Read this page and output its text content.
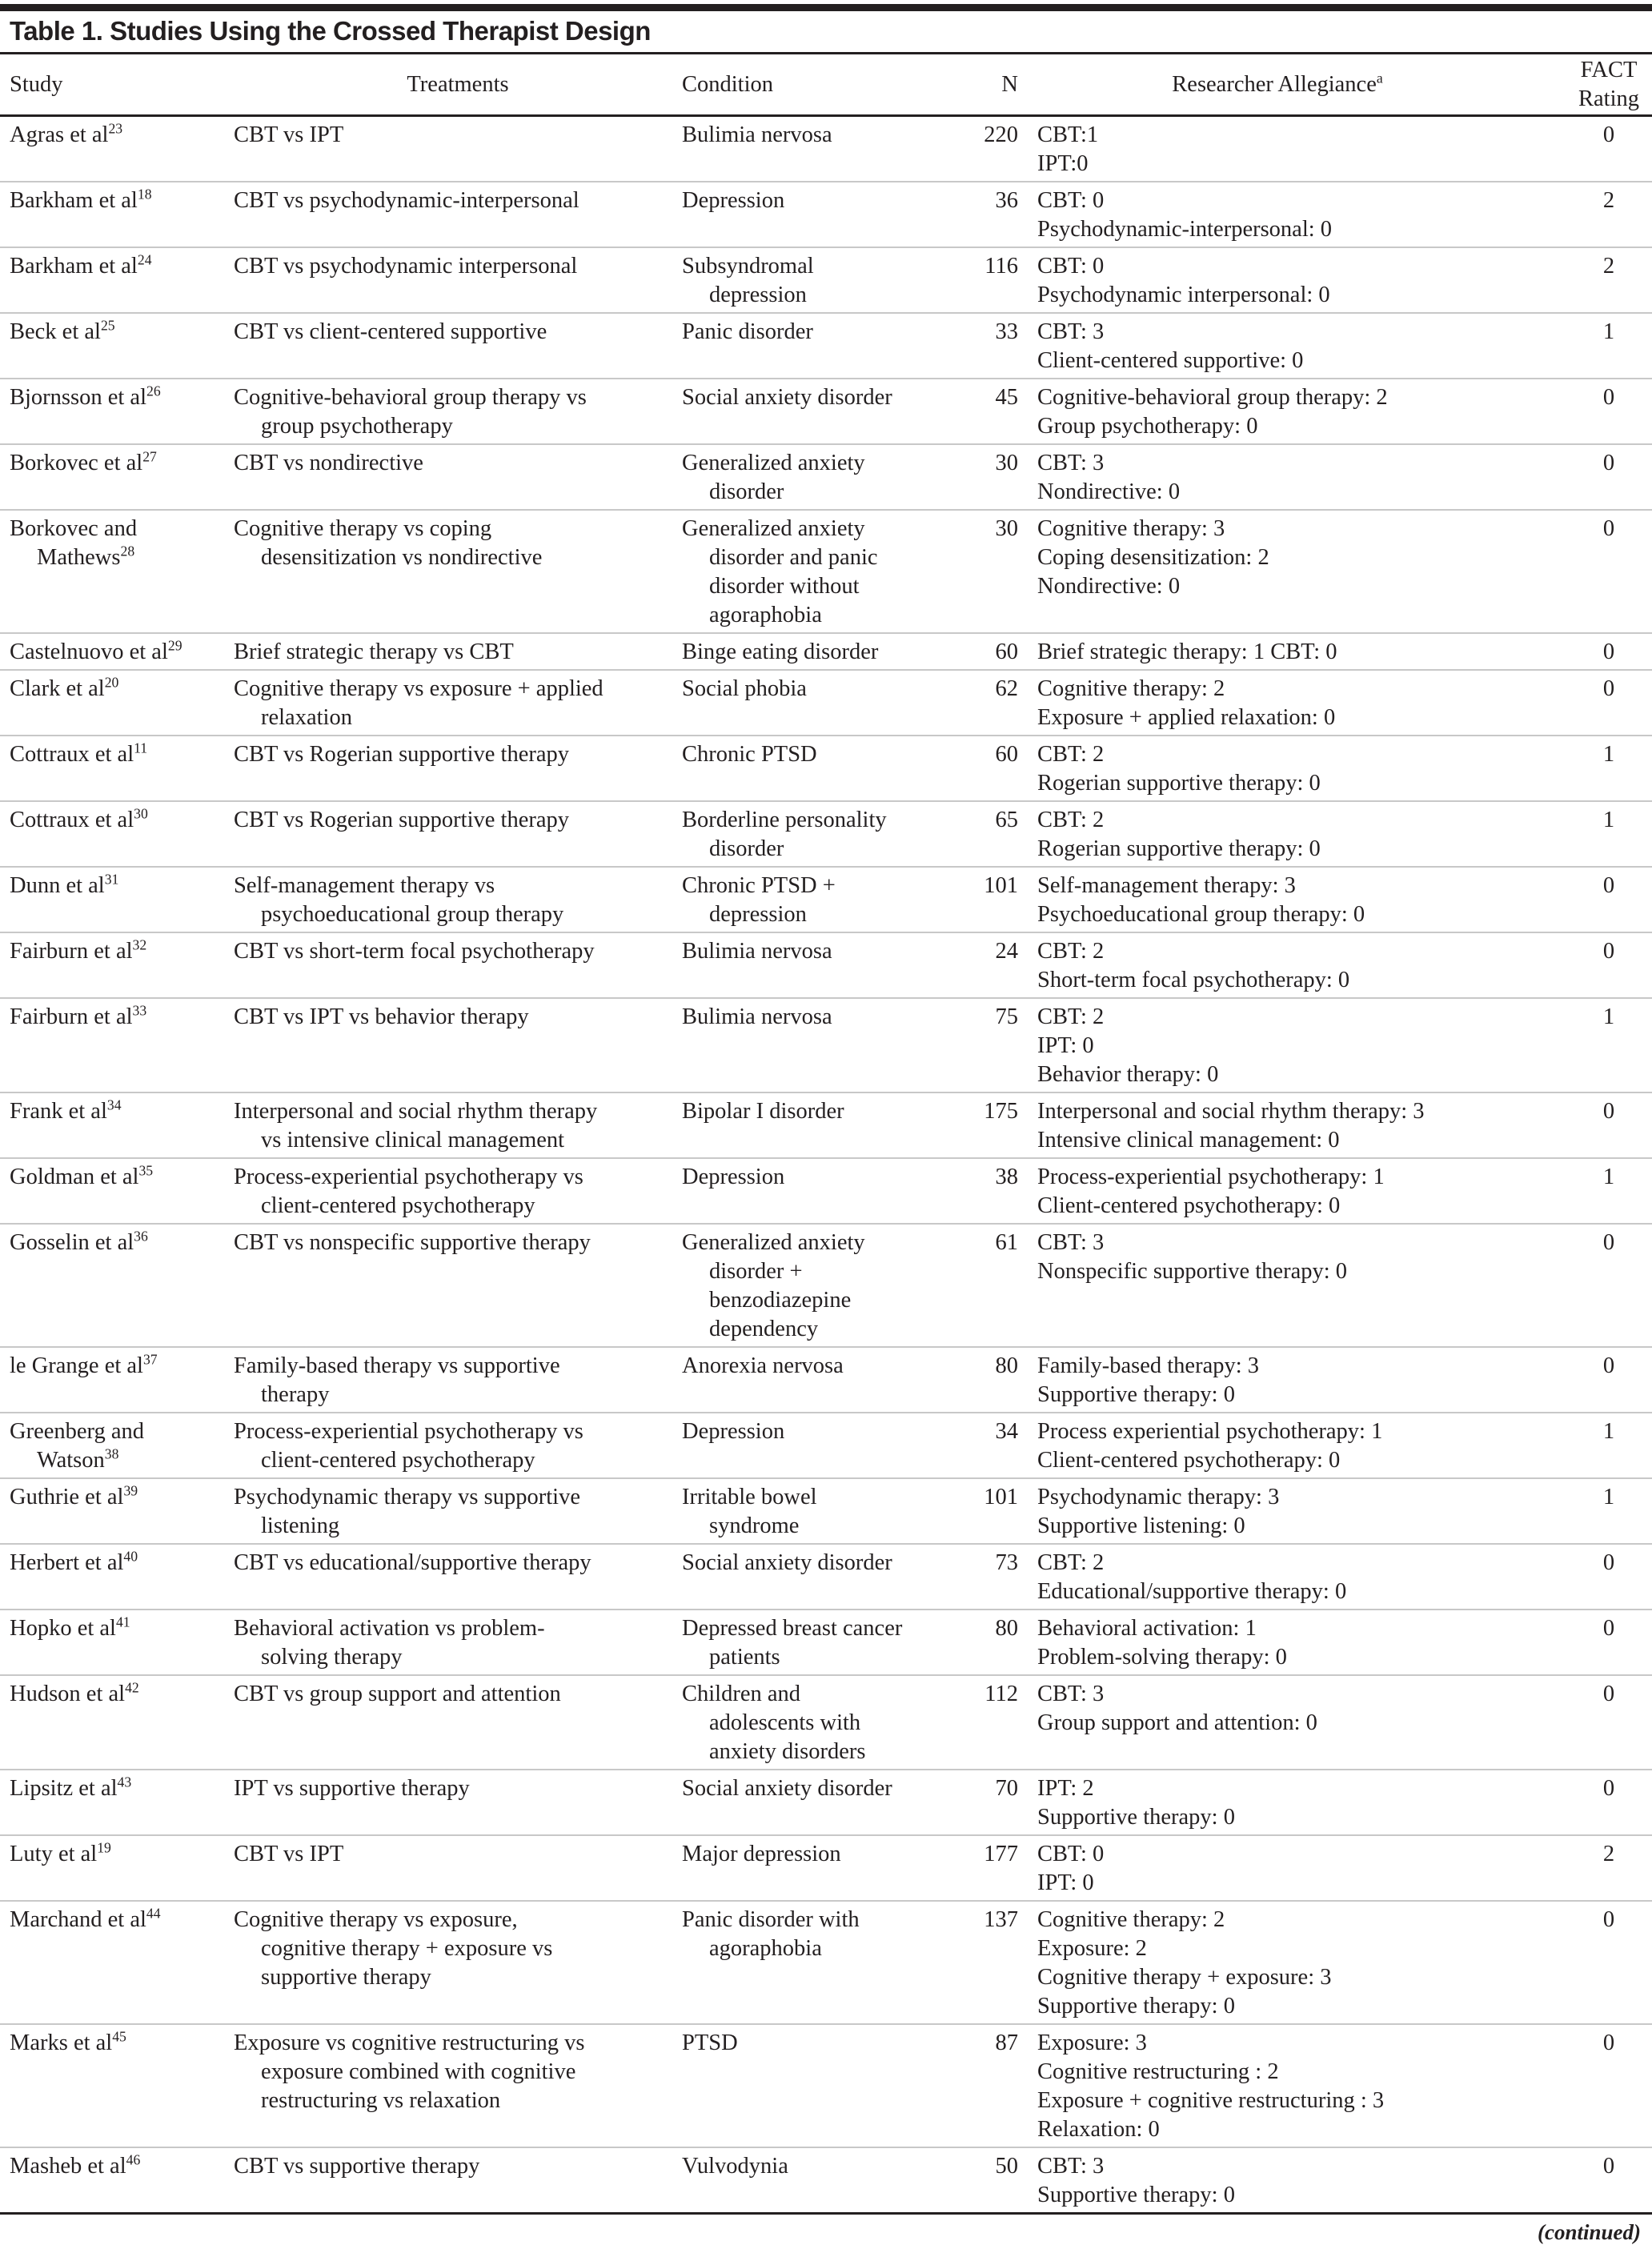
Table 1. Studies Using the Crossed Therapist Design
Study	Treatments	Condition	N	Researcher Allegiance$^a$	FACT Rating

Agras et $al^{23}$	CBT vs IPT	Bulimia nervosa	220	CBT:1
IPT:0	0

Barkham et $al^{18}$	CBT vs psychodynamic-interpersonal	Depression	36	CBT: 0
Psychodynamic-interpersonal: 0	2

Barkham et $al^{24}$	CBT vs psychodynamic interpersonal	Subsyndromal
depression	116	CBT: 0
Psychodynamic interpersonal: 0	2

Beck et $al^{25}$	CBT vs client-centered supportive	Panic disorder	33	CBT: 3
Client-centered supportive: 0	1

Bjornsson et $al^{26}$	Cognitive-behavioral group therapy vs
group psychotherapy	Social anxiety disorder	45	Cognitive-behavioral group therapy: 2
Group psychotherapy: 0	0

Borkovec et $al^{27}$	CBT vs nondirective	Generalized anxiety
disorder	30	CBT: 3
Nondirective: 0	0

Borkovec and
Mathews$^{28}$	Cognitive therapy vs coping
desensitization vs nondirective	Generalized anxiety
disorder and panic
disorder without
agoraphobia	30	Cognitive therapy: 3
Coping desensitization: 2
Nondirective: 0	0

Castelnuovo et $al^{29}$	Brief strategic therapy vs CBT	Binge eating disorder	60	Brief strategic therapy: 1 CBT: 0	0

Clark et $al^{20}$	Cognitive therapy vs exposure + applied
relaxation	Social phobia	62	Cognitive therapy: 2
Exposure + applied relaxation: 0	0

Cottraux et $al^{11}$	CBT vs Rogerian supportive therapy	Chronic PTSD	60	CBT: 2
Rogerian supportive therapy: 0	1

Cottraux et $al^{30}$	CBT vs Rogerian supportive therapy	Borderline personality
disorder	65	CBT: 2
Rogerian supportive therapy: 0	1

Dunn et $al^{31}$	Self-management therapy vs
psychoeducational group therapy	Chronic PTSD +
depression	101	Self-management therapy: 3
Psychoeducational group therapy: 0	0

Fairburn et $al^{32}$	CBT vs short-term focal psychotherapy	Bulimia nervosa	24	CBT: 2
Short-term focal psychotherapy: 0	0

Fairburn et $al^{33}$	CBT vs IPT vs behavior therapy	Bulimia nervosa	75	CBT: 2
IPT: 0
Behavior therapy: 0	1

Frank et $al^{34}$	Interpersonal and social rhythm therapy
vs intensive clinical management	Bipolar I disorder	175	Interpersonal and social rhythm therapy: 3
Intensive clinical management: 0	0

Goldman et $al^{35}$	Process-experiential psychotherapy vs
client-centered psychotherapy	Depression	38	Process-experiential psychotherapy: 1
Client-centered psychotherapy: 0	1

Gosselin et $al^{36}$	CBT vs nonspecific supportive therapy	Generalized anxiety
disorder +
benzodiazepine
dependency	61	CBT: 3
Nonspecific supportive therapy: 0	0

le Grange et $al^{37}$	Family-based therapy vs supportive
therapy	Anorexia nervosa	80	Family-based therapy: 3
Supportive therapy: 0	0

Greenberg and
Watson$^{38}$	Process-experiential psychotherapy vs
client-centered psychotherapy	Depression	34	Process experiential psychotherapy: 1
Client-centered psychotherapy: 0	1

Guthrie et $al^{39}$	Psychodynamic therapy vs supportive
listening	Irritable bowel
syndrome	101	Psychodynamic therapy: 3
Supportive listening: 0	1

Herbert et $al^{40}$	CBT vs educational/supportive therapy	Social anxiety disorder	73	CBT: 2
Educational/supportive therapy: 0	0

Hopko et $al^{41}$	Behavioral activation vs problem-
solving therapy	Depressed breast cancer
patients	80	Behavioral activation: 1
Problem-solving therapy: 0	0

Hudson et $al^{42}$	CBT vs group support and attention	Children and
adolescents with
anxiety disorders	112	CBT: 3
Group support and attention: 0	0

Lipsitz et $al^{43}$	IPT vs supportive therapy	Social anxiety disorder	70	IPT: 2
Supportive therapy: 0	0

Luty et $al^{19}$	CBT vs IPT	Major depression	177	CBT: 0
IPT: 0	2

Marchand et $al^{44}$	Cognitive therapy vs exposure,
cognitive therapy + exposure vs
supportive therapy	Panic disorder with
agoraphobia	137	Cognitive therapy: 2
Exposure: 2
Cognitive therapy + exposure: 3
Supportive therapy: 0	0

Marks et $al^{45}$	Exposure vs cognitive restructuring vs
exposure combined with cognitive
restructuring vs relaxation	PTSD	87	Exposure: 3
Cognitive restructuring : 2
Exposure + cognitive restructuring : 3
Relaxation: 0	0

Masheb et $al^{46}$	CBT vs supportive therapy	Vulvodynia	50	CBT: 3
Supportive therapy: 0	0
(continued)
